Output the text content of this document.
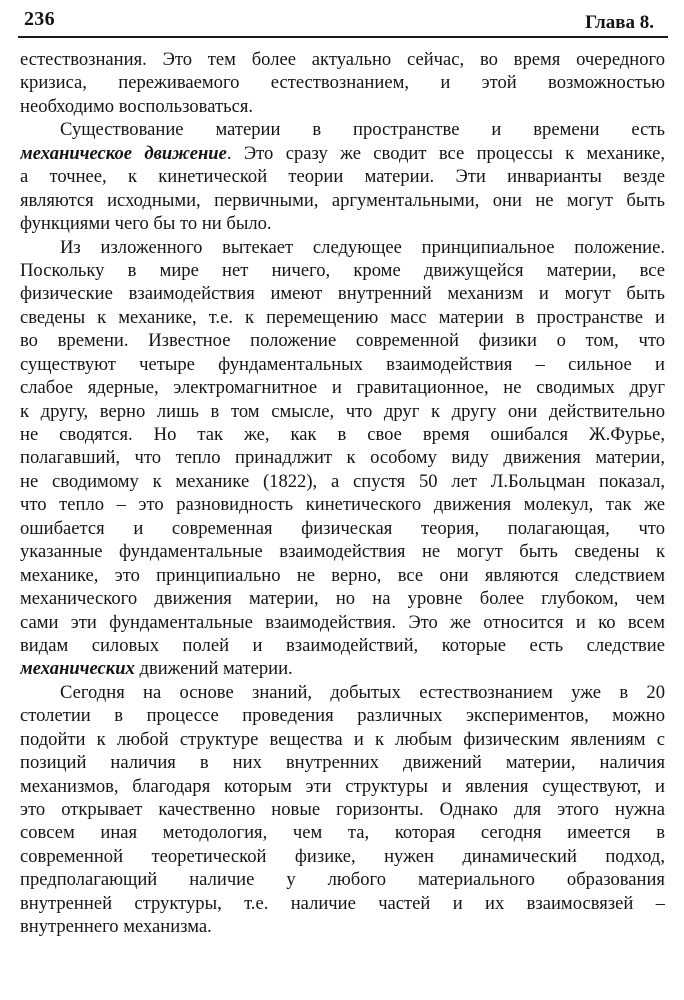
236	Глава 8.
естествознания. Это тем более актуально сейчас, во время очередного
кризиса, переживаемого естествознанием, и этой возможностью
необходимо воспользоваться.
Существование материи в пространстве и времени есть
механическое движение. Это сразу же сводит все процессы к механике,
а точнее, к кинетической теории материи. Эти инварианты везде
являются исходными, первичными, аргументальными, они не могут быть
функциями чего бы то ни было.
Из изложенного вытекает следующее принципиальное положение.
Поскольку в мире нет ничего, кроме движущейся материи, все
физические взаимодействия имеют внутренний механизм и могут быть
сведены к механике, т.е. к перемещению масс материи в пространстве и
во времени. Известное положение современной физики о том, что
существуют четыре фундаментальных взаимодействия – сильное и
слабое ядерные, электромагнитное и гравитационное, не сводимых друг
к другу, верно лишь в том смысле, что друг к другу они действительно
не сводятся. Но так же, как в свое время ошибался Ж.Фурье,
полагавший, что тепло принадлжит к особому виду движения материи,
не сводимому к механике (1822), а спустя 50 лет Л.Больцман показал,
что тепло – это разновидность кинетического движения молекул, так же
ошибается и современная физическая теория, полагающая, что
указанные фундаментальные взаимодействия не могут быть сведены к
механике, это принципиально не верно, все они являются следствием
механического движения материи, но на уровне более глубоком, чем
сами эти фундаментальные взаимодействия. Это же относится и ко всем
видам силовых полей и взаимодействий, которые есть следствие
механических движений материи.
Сегодня на основе знаний, добытых естествознанием уже в 20
столетии в процессе проведения различных экспериментов, можно
подойти к любой структуре вещества и к любым физическим явлениям с
позиций наличия в них внутренних движений материи, наличия
механизмов, благодаря которым эти структуры и явления существуют, и
это открывает качественно новые горизонты. Однако для этого нужна
совсем иная методология, чем та, которая сегодня имеется в
современной теоретической физике, нужен динамический подход,
предполагающий наличие у любого материального образования
внутренней структуры, т.е. наличие частей и их взаимосвязей –
внутреннего механизма.
